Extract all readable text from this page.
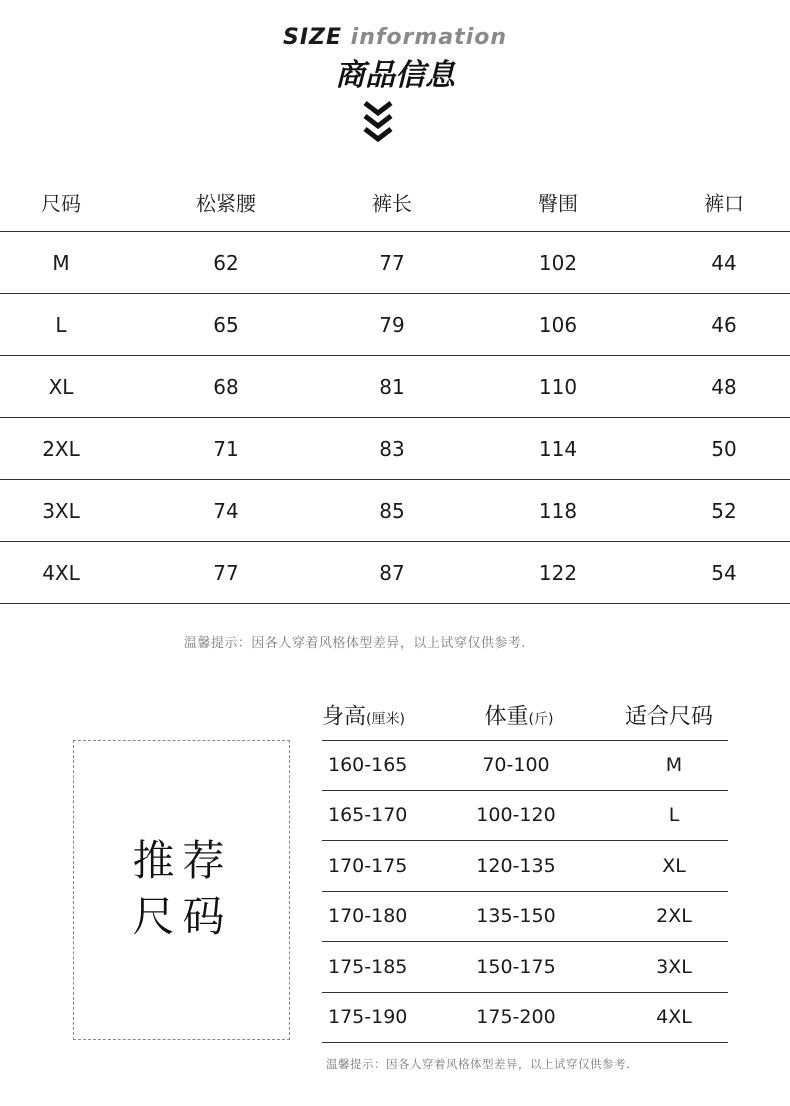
SIZE information
商品信息
尺码	松紧腰	裤长	臀围	裤口
M	62	77	102	44
L	65	79	106	46
XL	68	81	110	48
2XL	71	83	114	50
3XL	74	85	118	52
4XL	77	87	122	54
温馨提示：因各人穿着风格体型差异，以上试穿仅供参考.
推荐
尺码
身高(厘米)	体重(斤)	适合尺码
160-165	70-100	M
165-170	100-120	L
170-175	120-135	XL
170-180	135-150	2XL
175-185	150-175	3XL
175-190	175-200	4XL
温馨提示：因各人穿着风格体型差异，以上试穿仅供参考.
